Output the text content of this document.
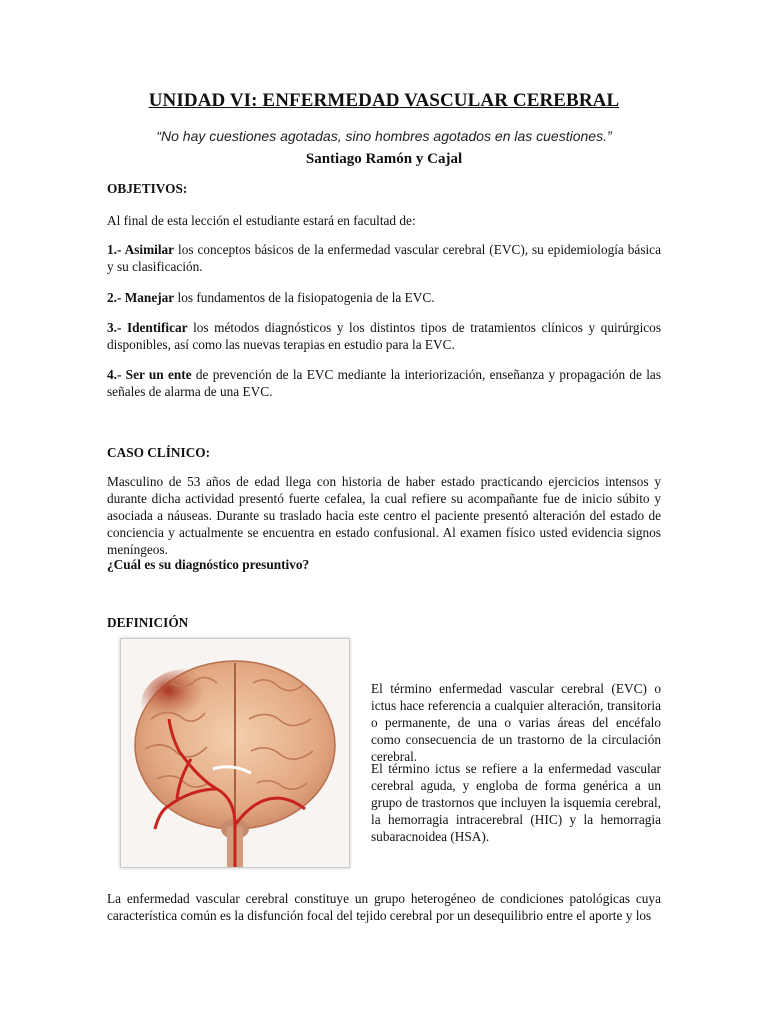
UNIDAD VI: ENFERMEDAD VASCULAR CEREBRAL
“No hay cuestiones agotadas, sino hombres agotados en las cuestiones.”
Santiago Ramón y Cajal
OBJETIVOS:
Al final de esta lección el estudiante estará en facultad de:
1.- Asimilar los conceptos básicos de la enfermedad vascular cerebral (EVC), su epidemiología básica y su clasificación.
2.- Manejar los fundamentos de la fisiopatogenia de la EVC.
3.- Identificar los métodos diagnósticos y los distintos tipos de tratamientos clínicos y quirúrgicos disponibles, así como las nuevas terapias en estudio para la EVC.
4.- Ser un ente de prevención de la EVC mediante la interiorización, enseñanza y propagación de las señales de alarma de una EVC.
CASO CLÍNICO:
Masculino de 53 años de edad llega con historia de haber estado practicando ejercicios intensos y durante dicha actividad presentó fuerte cefalea, la cual refiere su acompañante fue de inicio súbito y asociada a náuseas. Durante su traslado hacia este centro el paciente presentó alteración del estado de conciencia y actualmente se encuentra en estado confusional. Al examen físico usted evidencia signos meníngeos.
¿Cuál es su diagnóstico presuntivo?
DEFINICIÓN
El término enfermedad vascular cerebral (EVC) o ictus hace referencia a cualquier alteración, transitoria o permanente, de una o varias áreas del encéfalo como consecuencia de un trastorno de la circulación cerebral.
El término ictus se refiere a la enfermedad vascular cerebral aguda, y engloba de forma genérica a un grupo de trastornos que incluyen la isquemia cerebral, la hemorragia intracerebral (HIC) y la hemorragia subaracnoidea (HSA).
La enfermedad vascular cerebral constituye un grupo heterogéneo de condiciones patológicas cuya característica común es la disfunción focal del tejido cerebral por un desequilibrio entre el aporte y los
